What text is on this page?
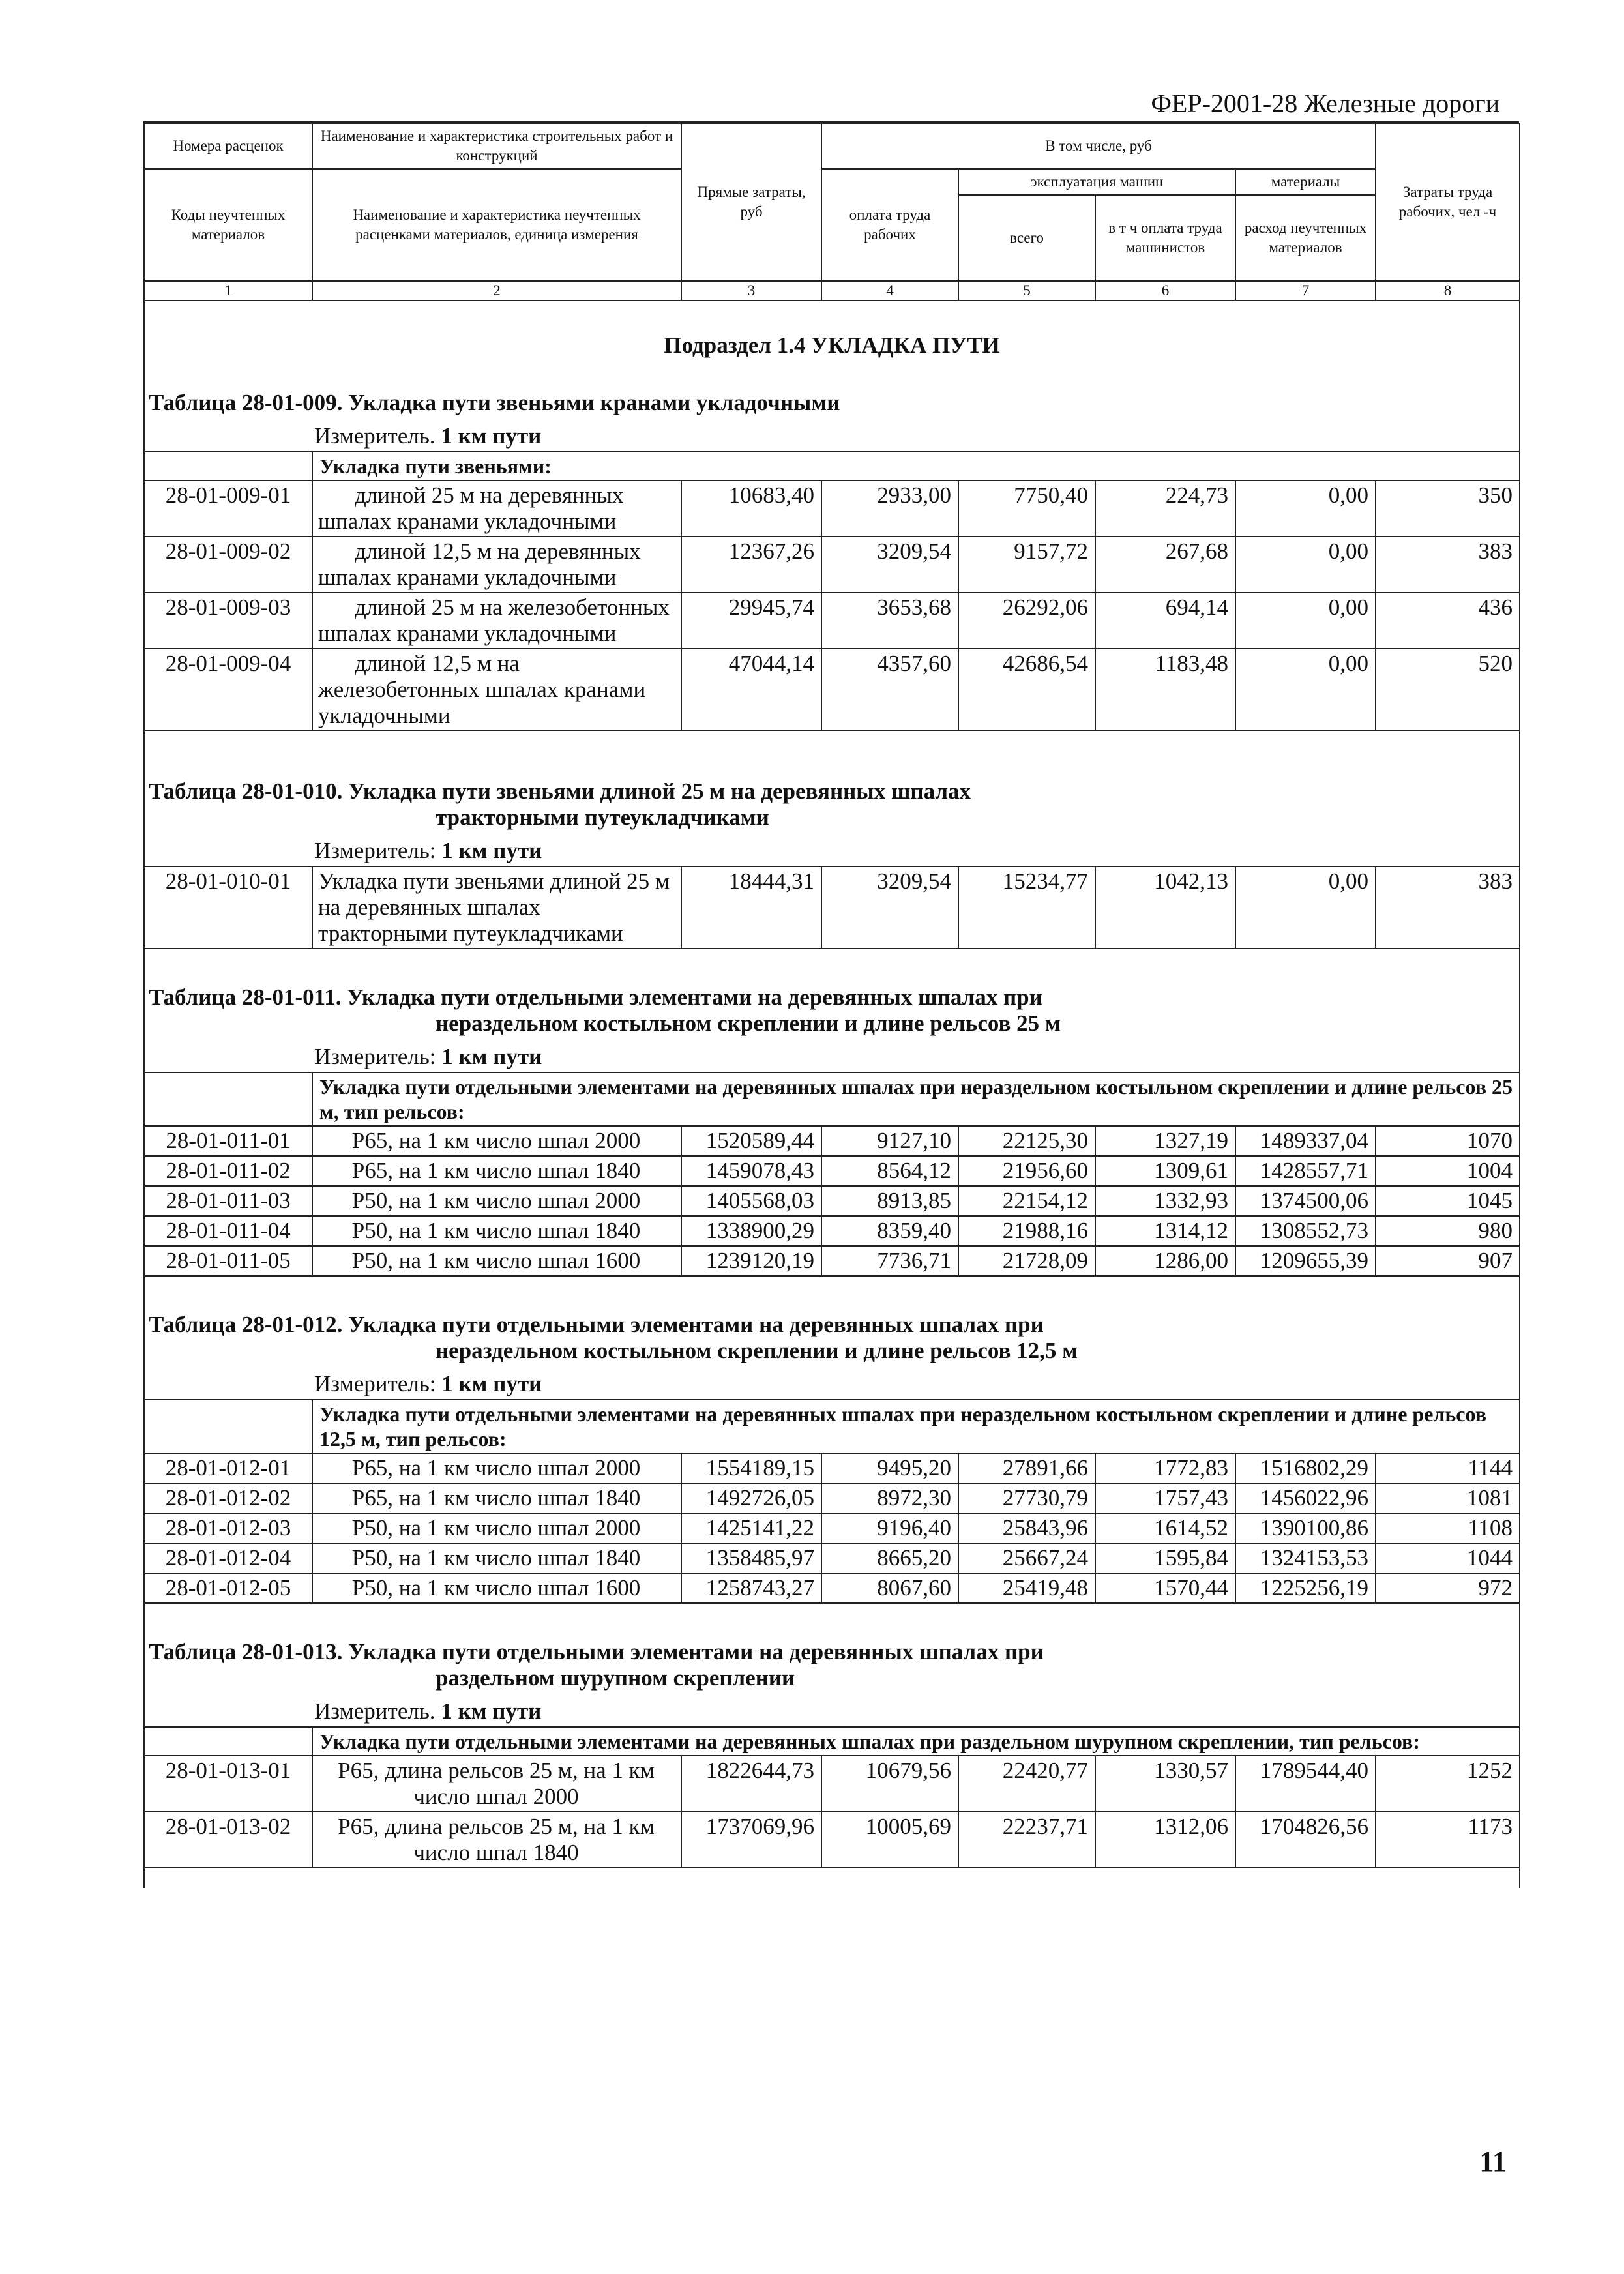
ФЕР-2001-28 Железные дороги
Номера расценок	Наименование и характеристика строительных работ и конструкций	Прямые затраты, руб	В том числе, руб				Затраты труда рабочих, чел -ч
Коды неучтенных материалов	Наименование и характеристика неучтенных расценками материалов, единица измерения		оплата труда рабочих	эксплуатация машин		материалы	
				всего	в т ч оплата труда машинистов	расход неучтенных материалов	
1	2	3	4	5	6	7	8
Подраздел 1.4 УКЛАДКА ПУТИ							
Таблица 28-01-009. Укладка пути звеньями кранами укладочными							
Измеритель. 1 км пути							
	Укладка пути звеньями:						
28-01-009-01	длиной 25 м на деревянных шпалах кранами укладочными	10683,40	2933,00	7750,40	224,73	0,00	350
28-01-009-02	длиной 12,5 м на деревянных шпалах кранами укладочными	12367,26	3209,54	9157,72	267,68	0,00	383
28-01-009-03	длиной 25 м на железобетонных шпалах кранами укладочными	29945,74	3653,68	26292,06	694,14	0,00	436
28-01-009-04	длиной 12,5 м на железобетонных шпалах кранами укладочными	47044,14	4357,60	42686,54	1183,48	0,00	520

Таблица 28-01-010. Укладка пути звеньями длиной 25 м на деревянных шпалах
тракторными путеукладчиками							

Измеритель: 1 км пути							
28-01-010-01	Укладка пути звеньями длиной 25 м на деревянных шпалах тракторными путеукладчиками	18444,31	3209,54	15234,77	1042,13	0,00	383

Таблица 28-01-011. Укладка пути отдельными элементами на деревянных шпалах при
нераздельном костыльном скреплении и длине рельсов 25 м							

Измеритель: 1 км пути							
	Укладка пути отдельными элементами на деревянных шпалах при нераздельном костыльном скреплении и длине рельсов 25 м, тип рельсов:						
28-01-011-01	Р65, на 1 км число шпал 2000	1520589,44	9127,10	22125,30	1327,19	1489337,04	1070
28-01-011-02	Р65, на 1 км число шпал 1840	1459078,43	8564,12	21956,60	1309,61	1428557,71	1004
28-01-011-03	Р50, на 1 км число шпал 2000	1405568,03	8913,85	22154,12	1332,93	1374500,06	1045
28-01-011-04	Р50, на 1 км число шпал 1840	1338900,29	8359,40	21988,16	1314,12	1308552,73	980
28-01-011-05	Р50, на 1 км число шпал 1600	1239120,19	7736,71	21728,09	1286,00	1209655,39	907

Таблица 28-01-012. Укладка пути отдельными элементами на деревянных шпалах при
нераздельном костыльном скреплении и длине рельсов 12,5 м							

Измеритель: 1 км пути							
	Укладка пути отдельными элементами на деревянных шпалах при нераздельном костыльном скреплении и длине рельсов 12,5 м, тип рельсов:						
28-01-012-01	Р65, на 1 км число шпал 2000	1554189,15	9495,20	27891,66	1772,83	1516802,29	1144
28-01-012-02	Р65, на 1 км число шпал 1840	1492726,05	8972,30	27730,79	1757,43	1456022,96	1081
28-01-012-03	Р50, на 1 км число шпал 2000	1425141,22	9196,40	25843,96	1614,52	1390100,86	1108
28-01-012-04	Р50, на 1 км число шпал 1840	1358485,97	8665,20	25667,24	1595,84	1324153,53	1044
28-01-012-05	Р50, на 1 км число шпал 1600	1258743,27	8067,60	25419,48	1570,44	1225256,19	972

Таблица 28-01-013. Укладка пути отдельными элементами на деревянных шпалах при
раздельном шурупном скреплении							

Измеритель. 1 км пути							
	Укладка пути отдельными элементами на деревянных шпалах при раздельном шурупном скреплении, тип рельсов:						
28-01-013-01	Р65, длина рельсов 25 м, на 1 км число шпал 2000	1822644,73	10679,56	22420,77	1330,57	1789544,40	1252
28-01-013-02	Р65, длина рельсов 25 м, на 1 км число шпал 1840	1737069,96	10005,69	22237,71	1312,06	1704826,56	1173

11
